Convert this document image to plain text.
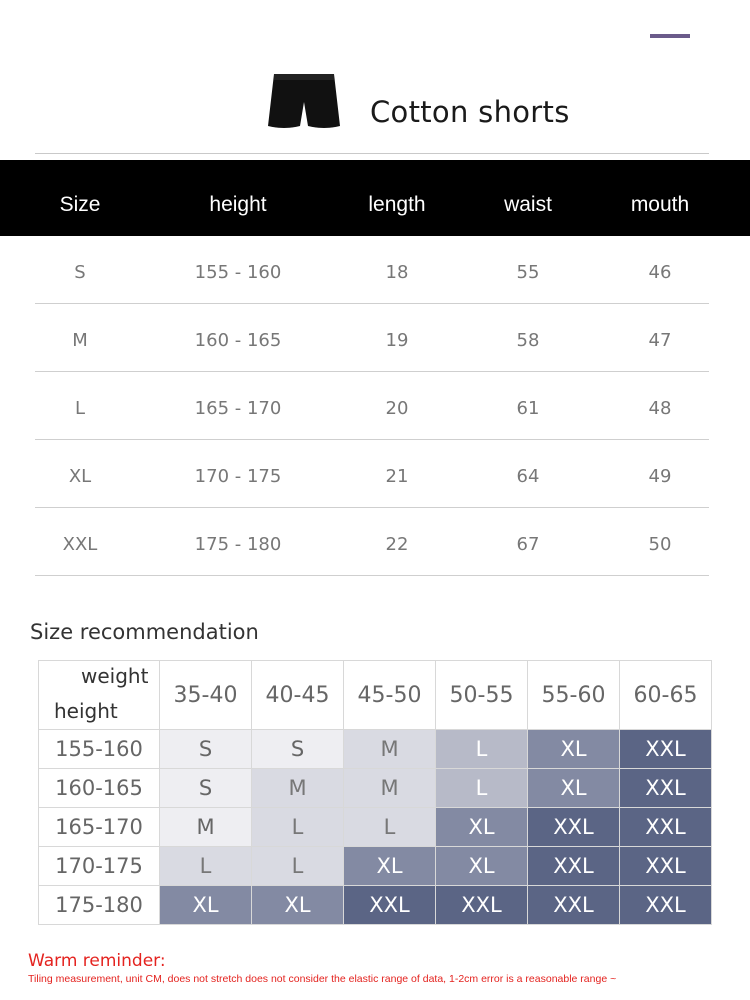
Cotton shorts
Size	height	length	waist	mouth
S	155 - 160	18	55	46
M	160 - 165	19	58	47
L	165 - 170	20	61	48
XL	170 - 175	21	64	49
XXL	175 - 180	22	67	50
Size recommendation
weight
height	35-40	40-45	45-50	50-55	55-60	60-65
155-160	S	S	M	L	XL	XXL
160-165	S	M	M	L	XL	XXL
165-170	M	L	L	XL	XXL	XXL
170-175	L	L	XL	XL	XXL	XXL
175-180	XL	XL	XXL	XXL	XXL	XXL
Warm reminder:
Tiling measurement, unit CM, does not stretch does not consider the elastic range of data, 1-2cm error is a reasonable range ~
